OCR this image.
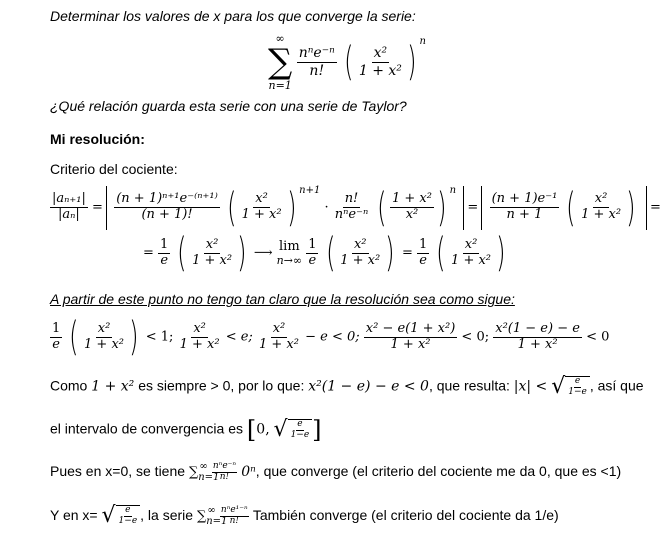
Determinar los valores de x para los que converge la serie:
∞
∑
n=1

$\frac{\text{nⁿe⁻ⁿ}}{n!}$ ( $\frac{\text{x²}}{\text{1 + x²}}$ ) $^n$
¿Qué relación guarda esta serie con una serie de Taylor?
Mi resolución:
Criterio del cociente:
$\frac{\text{|aₙ₊₁|}}{\text{|aₙ|}} = \frac{\text{(n + 1)ⁿ⁺¹e⁻⁽ⁿ⁺¹⁾}}{(n + 1)!}$ ( $\frac{\text{x²}}{\text{1 + x²}}$ ) $^{n+1} \cdot \frac{n!}{\text{nⁿe⁻ⁿ}}$ ( $\frac{\text{1 + x²}}{\text{x²}}$ ) $^n = \frac{\text{(n + 1)e⁻¹}}{n + 1}$ ( $\frac{\text{x²}}{\text{1 + x²}}$ ) =
= $\frac{1}{e}$ ( $\frac{\text{x²}}{\text{1 + x²}}$ ) ⟶ lim
n→∞
$\frac{1}{e}$ ( $\frac{\text{x²}}{\text{1 + x²}}$ ) = $\frac{1}{e}$ ( $\frac{\text{x²}}{\text{1 + x²}}$ )
A partir de este punto no tengo tan claro que la resolución sea como sigue:
$\frac{1}{e}$ ( $\frac{\text{x²}}{\text{1 + x²}}$ ) < 1; $\frac{\text{x²}}{\text{1 + x²}} < e$; $\frac{\text{x²}}{\text{1 + x²}} - e < 0$; $\frac{\text{x² − e(1 + x²)}}{\text{1 + x²}} < 0$; $\frac{\text{x²(1 − e) − e}}{\text{1 + x²}} < 0$
Como 1 + x² es siempre > 0, por lo que: x²(1 − e) − e < 0, que resulta: |x| < √ $\frac{e}{1-e}$ , así que
el intervalo de convergencia es [0, √ $\frac{e}{1-e}$ ]
Pues en x=0, se tiene $\sum_{n=1}^\infty \frac{\text{nⁿe⁻ⁿ}}{n!} 0^n$, que converge (el criterio del cociente me da 0, que es <1)
Y en x= √ $\frac{e}{1-e}$ , la serie $\sum_{n=1}^\infty \frac{\text{nⁿe¹⁻ⁿ}}{n!}$ También converge (el criterio del cociente da 1/e)
